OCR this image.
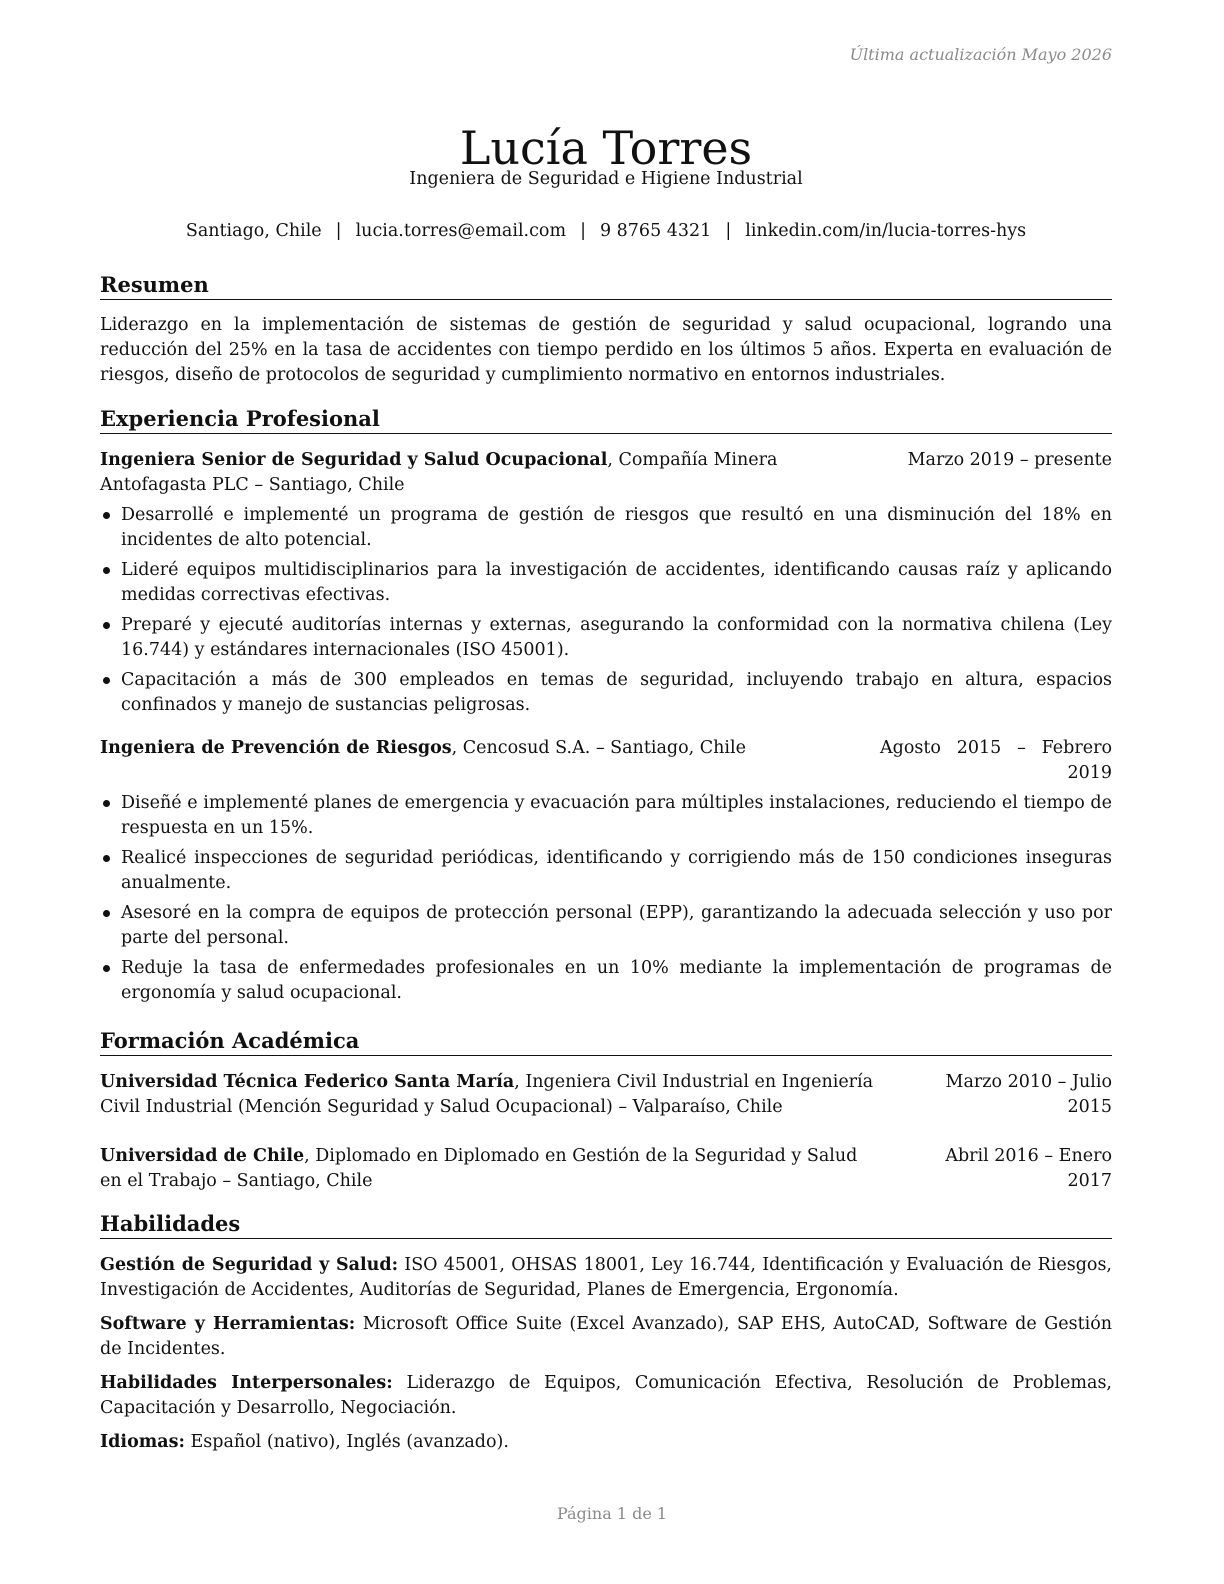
Última actualización Mayo 2026
Lucía Torres
Ingeniera de Seguridad e Higiene Industrial
Santiago, Chile | lucia.torres@email.com | 9 8765 4321 | linkedin.com/in/lucia-torres-hys
Resumen

Liderazgo en la implementación de sistemas de gestión de seguridad y salud ocupacional, logrando una reducción del 25% en la tasa de accidentes con tiempo perdido en los últimos 5 años. Experta en evaluación de riesgos, diseño de protocolos de seguridad y cumplimiento normativo en entornos industriales.

Experiencia Profesional
Ingeniera Senior de Seguridad y Salud Ocupacional, Compañía Minera Antofagasta PLC – Santiago, Chile
Marzo 2019 – presente
Desarrollé e implementé un programa de gestión de riesgos que resultó en una disminución del 18% en incidentes de alto potencial.
Lideré equipos multidisciplinarios para la investigación de accidentes, identificando causas raíz y aplicando medidas correctivas efectivas.
Preparé y ejecuté auditorías internas y externas, asegurando la conformidad con la normativa chilena (Ley 16.744) y estándares internacionales (ISO 45001).
Capacitación a más de 300 empleados en temas de seguridad, incluyendo trabajo en altura, espacios confinados y manejo de sustancias peligrosas.
Ingeniera de Prevención de Riesgos, Cencosud S.A. – Santiago, Chile	Agosto 2015 – Febrero 2019
Diseñé e implementé planes de emergencia y evacuación para múltiples instalaciones, reduciendo el tiempo de respuesta en un 15%.
Realicé inspecciones de seguridad periódicas, identificando y corrigiendo más de 150 condiciones inseguras anualmente.
Asesoré en la compra de equipos de protección personal (EPP), garantizando la adecuada selección y uso por parte del personal.
Reduje la tasa de enfermedades profesionales en un 10% mediante la implementación de programas de ergonomía y salud ocupacional.
Formación Académica
Universidad Técnica Federico Santa María, Ingeniera Civil Industrial en Ingeniería Civil Industrial (Mención Seguridad y Salud Ocupacional) – Valparaíso, Chile
Marzo 2010 – Julio 2015
Universidad de Chile, Diplomado en Diplomado en Gestión de la Seguridad y Salud en el Trabajo – Santiago, Chile
Abril 2016 – Enero 2017
Habilidades

Gestión de Seguridad y Salud: ISO 45001, OHSAS 18001, Ley 16.744, Identificación y Evaluación de Riesgos, Investigación de Accidentes, Auditorías de Seguridad, Planes de Emergencia, Ergonomía.

Software y Herramientas: Microsoft Office Suite (Excel Avanzado), SAP EHS, AutoCAD, Software de Gestión de Incidentes.

Habilidades Interpersonales: Liderazgo de Equipos, Comunicación Efectiva, Resolución de Problemas, Capacitación y Desarrollo, Negociación.

Idiomas: Español (nativo), Inglés (avanzado).

Página 1 de 1
